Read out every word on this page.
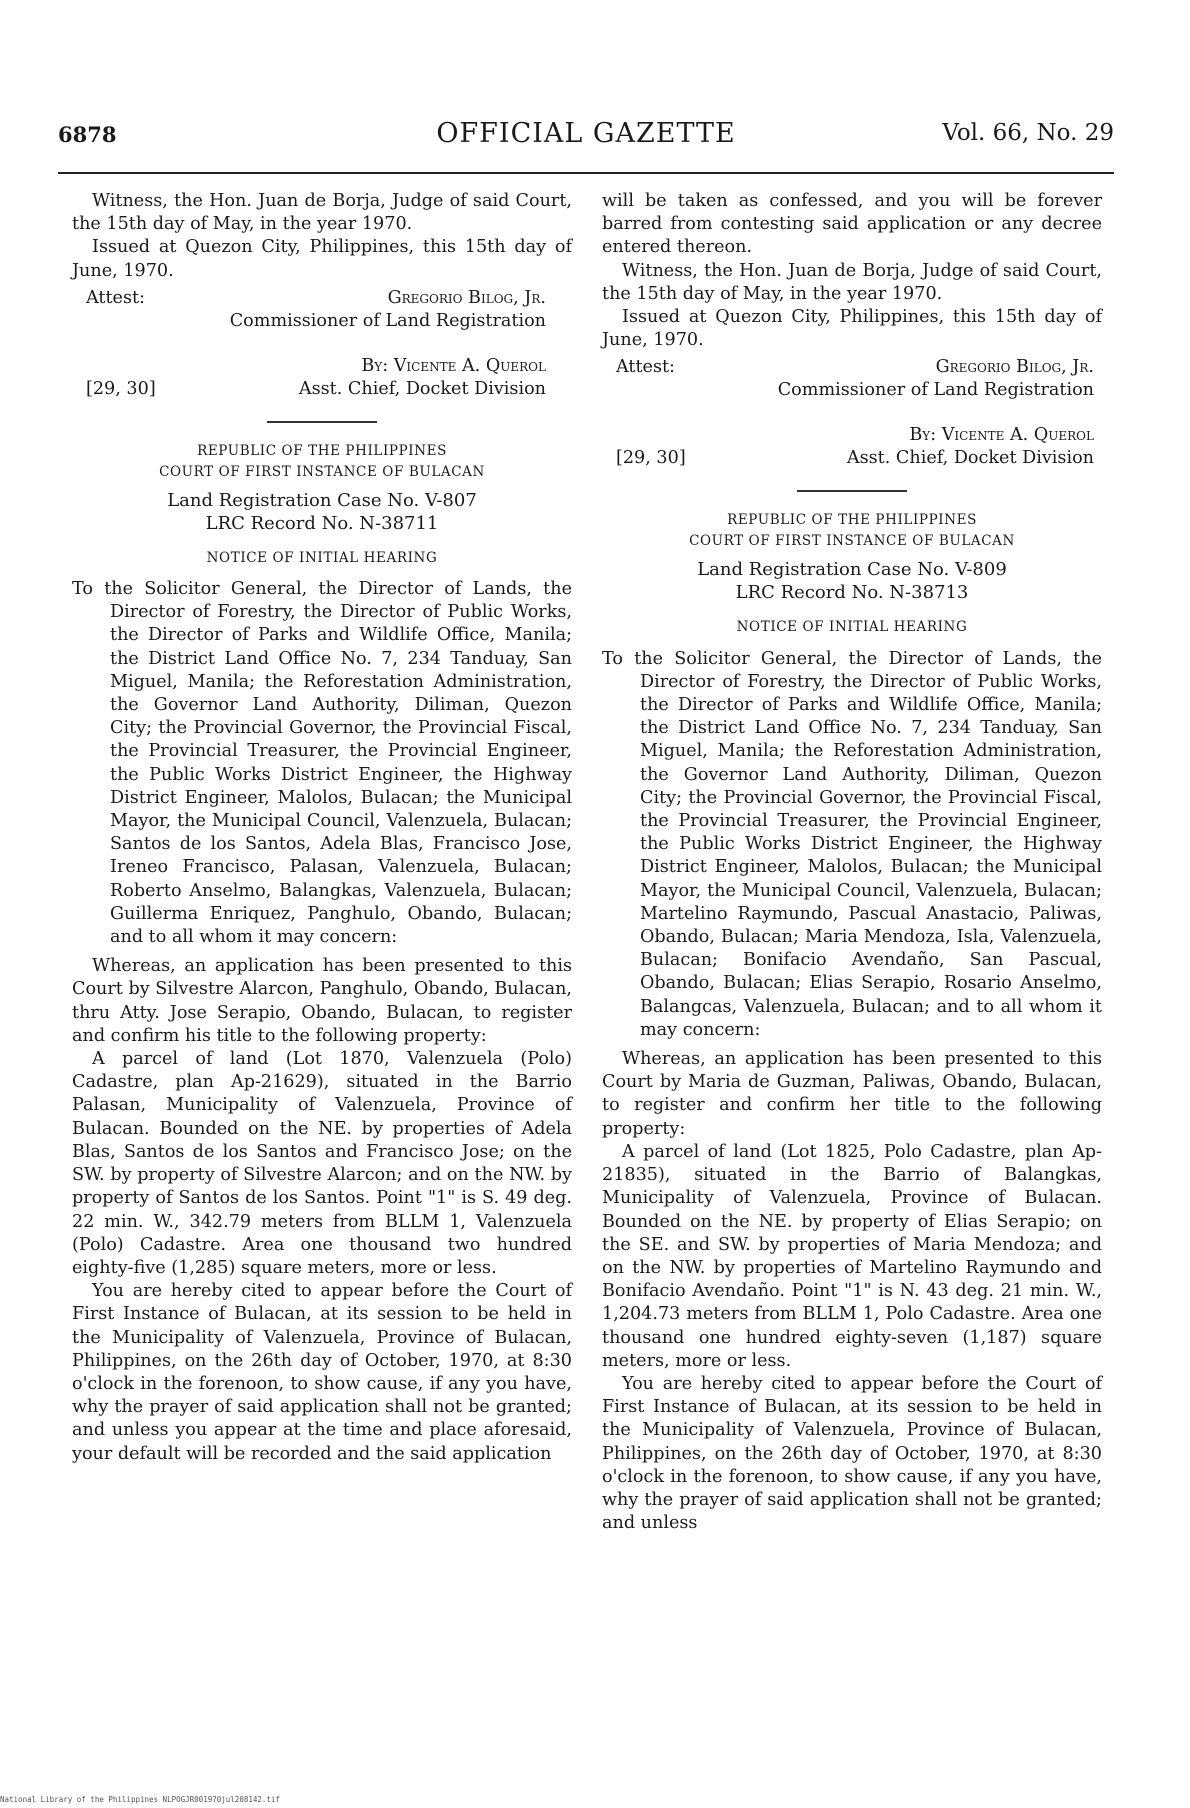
6878	OFFICIAL GAZETTE	Vol. 66, No. 29

Witness, the Hon. Juan de Borja, Judge of said Court, the 15th day of May, in the year 1970.

Issued at Quezon City, Philippines, this 15th day of June, 1970.

Attest:	Gregorio Bilog, Jr.
Commissioner of Land Registration
By: Vicente A. Querol
[29, 30]	Asst. Chief, Docket Division
REPUBLIC OF THE PHILIPPINES
COURT OF FIRST INSTANCE OF BULACAN
Land Registration Case No. V-807
LRC Record No. N-38711
NOTICE OF INITIAL HEARING

To the Solicitor General, the Director of Lands, the Director of Forestry, the Director of Public Works, the Director of Parks and Wildlife Office, Manila; the District Land Office No. 7, 234 Tanduay, San Miguel, Manila; the Reforestation Administration, the Governor Land Authority, Diliman, Quezon City; the Provincial Governor, the Provincial Fiscal, the Provincial Treasurer, the Provincial Engineer, the Public Works District Engineer, the Highway District Engineer, Malolos, Bulacan; the Municipal Mayor, the Municipal Council, Valenzuela, Bulacan; Santos de los Santos, Adela Blas, Francisco Jose, Ireneo Francisco, Palasan, Valenzuela, Bulacan; Roberto Anselmo, Balangkas, Valenzuela, Bulacan; Guillerma Enriquez, Panghulo, Obando, Bulacan; and to all whom it may concern:

Whereas, an application has been presented to this Court by Silvestre Alarcon, Panghulo, Obando, Bulacan, thru Atty. Jose Serapio, Obando, Bulacan, to register and confirm his title to the following property:

A parcel of land (Lot 1870, Valenzuela (Polo) Cadastre, plan Ap-21629), situated in the Barrio Palasan, Municipality of Valenzuela, Province of Bulacan. Bounded on the NE. by properties of Adela Blas, Santos de los Santos and Francisco Jose; on the SW. by property of Silvestre Alarcon; and on the NW. by property of Santos de los Santos. Point "1" is S. 49 deg. 22 min. W., 342.79 meters from BLLM 1, Valenzuela (Polo) Cadastre. Area one thousand two hundred eighty-five (1,285) square meters, more or less.

You are hereby cited to appear before the Court of First Instance of Bulacan, at its session to be held in the Municipality of Valenzuela, Province of Bulacan, Philippines, on the 26th day of October, 1970, at 8:30 o'clock in the forenoon, to show cause, if any you have, why the prayer of said application shall not be granted; and unless you appear at the time and place aforesaid, your default will be recorded and the said application

will be taken as confessed, and you will be forever barred from contesting said application or any decree entered thereon.

Witness, the Hon. Juan de Borja, Judge of said Court, the 15th day of May, in the year 1970.

Issued at Quezon City, Philippines, this 15th day of June, 1970.

Attest:	Gregorio Bilog, Jr.
Commissioner of Land Registration
By: Vicente A. Querol
[29, 30]	Asst. Chief, Docket Division
REPUBLIC OF THE PHILIPPINES
COURT OF FIRST INSTANCE OF BULACAN
Land Registration Case No. V-809
LRC Record No. N-38713
NOTICE OF INITIAL HEARING

To the Solicitor General, the Director of Lands, the Director of Forestry, the Director of Public Works, the Director of Parks and Wildlife Office, Manila; the District Land Office No. 7, 234 Tanduay, San Miguel, Manila; the Reforestation Administration, the Governor Land Authority, Diliman, Quezon City; the Provincial Governor, the Provincial Fiscal, the Provincial Treasurer, the Provincial Engineer, the Public Works District Engineer, the Highway District Engineer, Malolos, Bulacan; the Municipal Mayor, the Municipal Council, Valenzuela, Bulacan; Martelino Raymundo, Pascual Anastacio, Paliwas, Obando, Bulacan; Maria Mendoza, Isla, Valenzuela, Bulacan; Bonifacio Avendaño, San Pascual, Obando, Bulacan; Elias Serapio, Rosario Anselmo, Balangcas, Valenzuela, Bulacan; and to all whom it may concern:

Whereas, an application has been presented to this Court by Maria de Guzman, Paliwas, Obando, Bulacan, to register and confirm her title to the following property:

A parcel of land (Lot 1825, Polo Cadastre, plan Ap-21835), situated in the Barrio of Balangkas, Municipality of Valenzuela, Province of Bulacan. Bounded on the NE. by property of Elias Serapio; on the SE. and SW. by properties of Maria Mendoza; and on the NW. by properties of Martelino Raymundo and Bonifacio Avendaño. Point "1" is N. 43 deg. 21 min. W., 1,204.73 meters from BLLM 1, Polo Cadastre. Area one thousand one hundred eighty-seven (1,187) square meters, more or less.

You are hereby cited to appear before the Court of First Instance of Bulacan, at its session to be held in the Municipality of Valenzuela, Province of Bulacan, Philippines, on the 26th day of October, 1970, at 8:30 o'clock in the forenoon, to show cause, if any you have, why the prayer of said application shall not be granted; and unless

National Library of the Philippines NLPOGJR001970jul208142.tif
